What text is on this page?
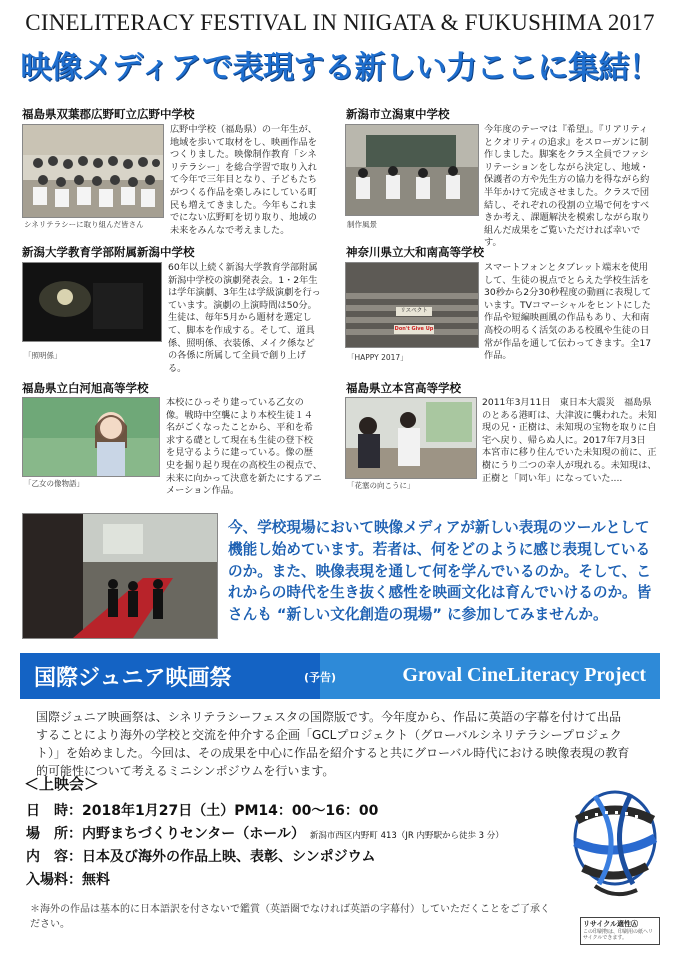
CINELITERACY FESTIVAL IN NIIGATA & FUKUSHIMA 2017
映像メディアで表現する新しい力ここに集結！
福島県双葉郡広野町立広野中学校
シネリテラシーに取り組んだ皆さん
広野中学校（福島県）の一年生が、地域を歩いて取材をし、映画作品をつくりました。映像制作教育「シネリテラシー」を総合学習で取り入れて今年で三年目となり、子どもたちがつくる作品を楽しみにしている町民も増えてきました。今年もこれまでにない広野町を切り取り、地域の未来をみんなで考えました。
新潟市立潟東中学校
制作風景
今年度のテーマは『希望』。『リアリティとクオリティの追求』をスローガンに制作しました。脚案をクラス全員でファシリテーションをしながら決定し、地域・保護者の方や先生方の協力を得ながら約半年かけて完成させました。クラスで団結し、それぞれの役割の立場で何をすべきか考え、課題解決を模索しながら取り組んだ成果をご覧いただければ幸いです。
新潟大学教育学部附属新潟中学校
「照明係」
60年以上続く新潟大学教育学部附属新潟中学校の演劇発表会。1・2年生は学年演劇、3年生は学級演劇を行っています。演劇の上演時間は50分。生徒は、毎年5月から題材を選定して、脚本を作成する。そして、道具係、照明係、衣装係、メイク係などの各係に所属して全員で創り上げる。
神奈川県立大和南高等学校
リスペクト
Don't Give Up
「HAPPY 2017」
スマートフォンとタブレット端末を使用して、生徒の視点でとらえた学校生活を30秒から2分30秒程度の動画に表現しています。TVコマーシャルをヒントにした作品や短編映画風の作品もあり、大和南高校の明るく活気のある校風や生徒の日常が作品を通して伝わってきます。全17作品。
福島県立白河旭高等学校
「乙女の像物語」
本校にひっそり建っている乙女の像。戦時中空襲により本校生徒１４名がごくなったことから、平和を希求する礎として現在も生徒の登下校を見守るように建っている。像の歴史を掘り起り現在の高校生の視点で、未来に向かって決意を新たにするアニメーション作品。
福島県立本宮高等学校
「花塞の向こうに」
2011年3月11日　東日本大震災　福島県のとある港町は、大津波に襲われた。未知現の兄・正樹は、未知現の宝物を取りに自宅へ戻り、帰らぬ人に。2017年7月3日　本宮市に移り住んでいた未知現の前に、正樹にうり二つの幸人が現れる。未知現は、正樹と「同い年」になっていた....
今、学校現場において映像メディアが新しい表現のツールとして機能し始めています。若者は、何をどのように感じ表現しているのか。また、映像表現を通して何を学んでいるのか。そして、これからの時代を生き抜く感性を映画文化は育んでいけるのか。皆さんも “新しい文化創造の現場” に参加してみませんか。
国際ジュニア映画祭	(予告)	Groval CineLiteracy Project
国際ジュニア映画祭は、シネリテラシーフェスタの国際版です。今年度から、作品に英語の字幕を付けて出品することにより海外の学校と交流を仲介する企画「GCLプロジェクト（グローバルシネリテラシープロジェクト）」を始めました。今回は、その成果を中心に作品を紹介すると共にグローバル時代における映像表現の教育的可能性について考えるミニシンポジウムを行います。
＜上映会＞
日　時：2018年1月27日（土）PM14：00～16：00
場　所：内野まちづくりセンター（ホール） 新潟市西区内野町 413（JR 内野駅から徒歩 3 分）
内　容：日本及び海外の作品上映、表彰、シンポジウム
入場料：無料
＊海外の作品は基本的に日本語訳を付さないで鑑賞（英語圏でなければ英語の字幕付）していただくことをご了承ください。	リサイクル適性Ⓐ
この印刷物は、印刷用の紙へリサイクルできます。
